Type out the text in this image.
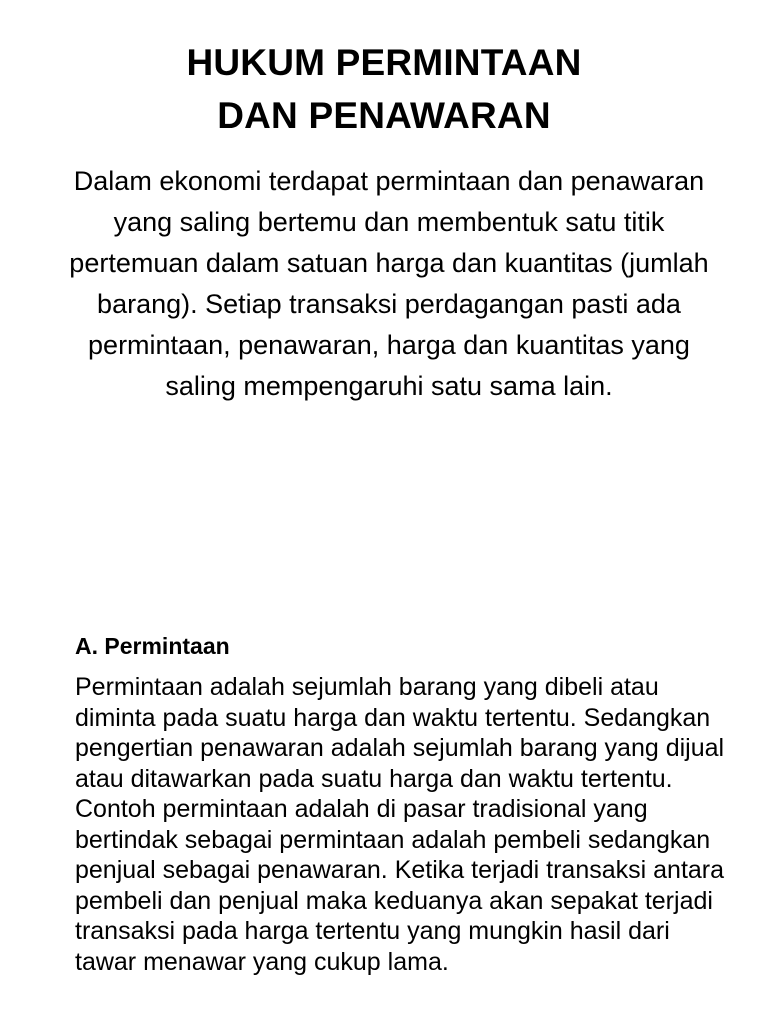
HUKUM PERMINTAAN
DAN PENAWARAN
Dalam ekonomi terdapat permintaan dan penawaran yang saling bertemu dan membentuk satu titik pertemuan dalam satuan harga dan kuantitas (jumlah barang). Setiap transaksi perdagangan pasti ada permintaan, penawaran, harga dan kuantitas yang saling mempengaruhi satu sama lain.
A. Permintaan
Permintaan adalah sejumlah barang yang dibeli atau diminta pada suatu harga dan waktu tertentu. Sedangkan pengertian penawaran adalah sejumlah barang yang dijual atau ditawarkan pada suatu harga dan waktu tertentu. Contoh permintaan adalah di pasar tradisional yang bertindak sebagai permintaan adalah pembeli sedangkan penjual sebagai penawaran. Ketika terjadi transaksi antara pembeli dan penjual maka keduanya akan sepakat terjadi transaksi pada harga tertentu yang mungkin hasil dari tawar menawar yang cukup lama.
